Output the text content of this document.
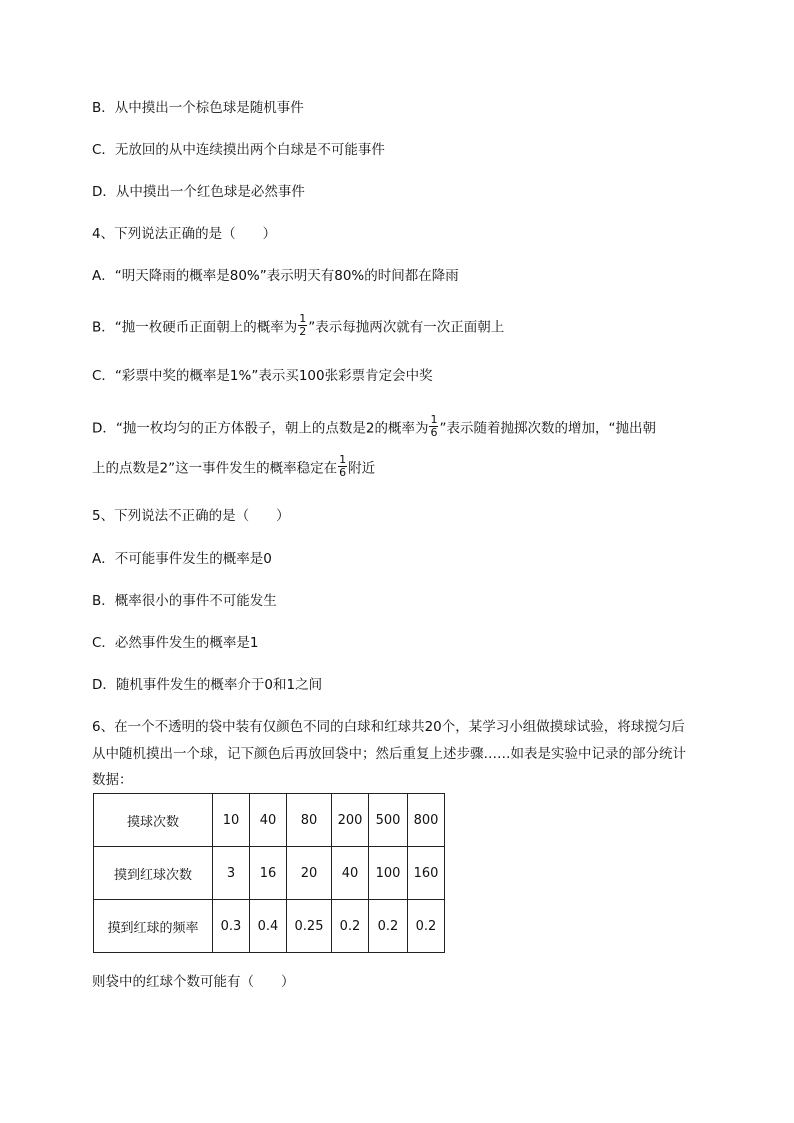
B．从中摸出一个棕色球是随机事件
C．无放回的从中连续摸出两个白球是不可能事件
D．从中摸出一个红色球是必然事件
4、下列说法正确的是（　　）
A．“明天降雨的概率是80%”表示明天有80%的时间都在降雨
B．“抛一枚硬币正面朝上的概率为 $\frac{1}{2}$ ”表示每抛两次就有一次正面朝上
C．“彩票中奖的概率是1%”表示买100张彩票肯定会中奖
D．“抛一枚均匀的正方体骰子，朝上的点数是2的概率为 $\frac{1}{6}$ ”表示随着抛掷次数的增加，“抛出朝
上的点数是2”这一事件发生的概率稳定在 $\frac{1}{6}$ 附近
5、下列说法不正确的是（　　）
A．不可能事件发生的概率是0
B．概率很小的事件不可能发生
C．必然事件发生的概率是1
D．随机事件发生的概率介于0和1之间
6、在一个不透明的袋中装有仅颜色不同的白球和红球共20个，某学习小组做摸球试验，将球搅匀后
从中随机摸出一个球，记下颜色后再放回袋中；然后重复上述步骤……如表是实验中记录的部分统计
数据：
摸球次数	10	40	80	200	500	800
摸到红球次数	3	16	20	40	100	160
摸到红球的频率	0.3	0.4	0.25	0.2	0.2	0.2
则袋中的红球个数可能有（　　）
